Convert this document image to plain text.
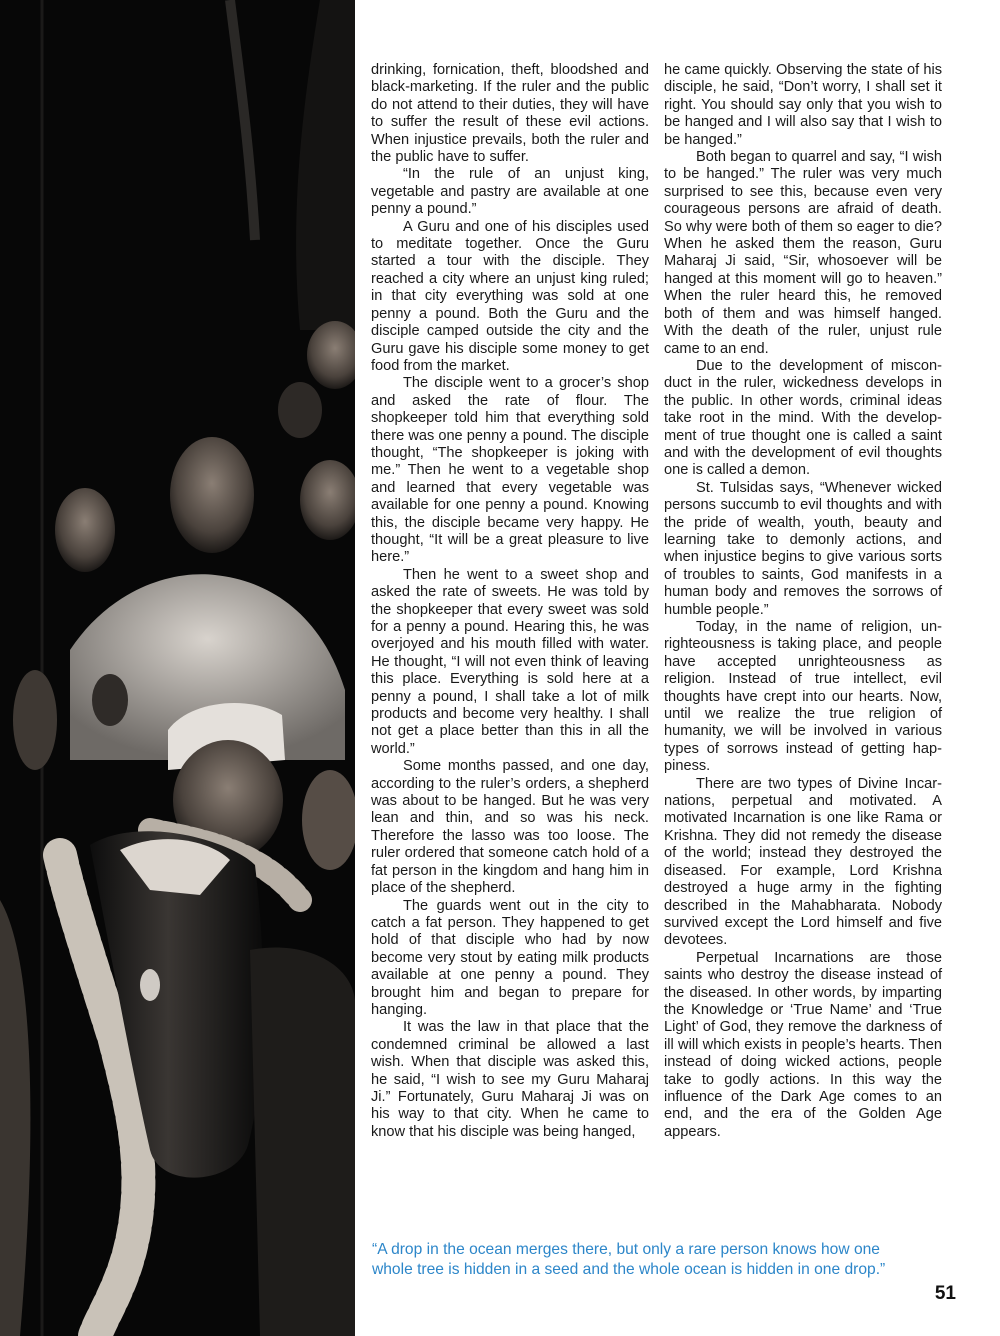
drinking, fornication, theft, bloodshed and black-marketing. If the ruler and the public do not attend to their duties, they will have to suffer the result of these evil actions. When injustice prevails, both the ruler and the public have to suffer.

“In the rule of an unjust king, vegetable and pastry are available at one penny a pound.”

A Guru and one of his disciples used to meditate together. Once the Guru started a tour with the disciple. They reached a city where an unjust king ruled; in that city everything was sold at one penny a pound. Both the Guru and the disciple camped outside the city and the Guru gave his disciple some money to get food from the market.

The disciple went to a grocer’s shop and asked the rate of flour. The shopkeeper told him that everything sold there was one penny a pound. The disciple thought, “The shopkeeper is joking with me.” Then he went to a vegetable shop and learned that every vegetable was available for one penny a pound. Knowing this, the disciple became very happy. He thought, “It will be a great pleasure to live here.”

Then he went to a sweet shop and asked the rate of sweets. He was told by the shopkeeper that every sweet was sold for a penny a pound. Hearing this, he was overjoyed and his mouth filled with water. He thought, “I will not even think of leaving this place. Everything is sold here at a penny a pound, I shall take a lot of milk products and become very healthy. I shall not get a place better than this in all the world.”

Some months passed, and one day, according to the ruler’s orders, a shepherd was about to be hanged. But he was very lean and thin, and so was his neck. Therefore the lasso was too loose. The ruler ordered that someone catch hold of a fat person in the kingdom and hang him in place of the shepherd.

The guards went out in the city to catch a fat person. They happened to get hold of that disciple who had by now become very stout by eating milk products available at one penny a pound. They brought him and began to prepare for hanging.

It was the law in that place that the condemned criminal be allowed a last wish. When that disciple was asked this, he said, “I wish to see my Guru Maharaj Ji.” Fortunately, Guru Maharaj Ji was on his way to that city. When he came to know that his disciple was being hanged,

he came quickly. Observing the state of his disciple, he said, “Don’t worry, I shall set it right. You should say only that you wish to be hanged and I will also say that I wish to be hanged.”

Both began to quarrel and say, “I wish to be hanged.” The ruler was very much surprised to see this, because even very courageous persons are afraid of death. So why were both of them so eager to die? When he asked them the reason, Guru Maharaj Ji said, “Sir, whosoever will be hanged at this moment will go to heaven.” When the ruler heard this, he removed both of them and was himself hanged. With the death of the ruler, unjust rule came to an end.

Due to the development of misconduct in the ruler, wickedness develops in the public. In other words, criminal ideas take root in the mind. With the development of true thought one is called a saint and with the development of evil thoughts one is called a demon.

St. Tulsidas says, “Whenever wicked persons succumb to evil thoughts and with the pride of wealth, youth, beauty and learning take to demonly actions, and when injustice begins to give various sorts of troubles to saints, God manifests in a human body and removes the sorrows of humble people.”

Today, in the name of religion, unrighteousness is taking place, and people have accepted unrighteousness as religion. Instead of true intellect, evil thoughts have crept into our hearts. Now, until we realize the true religion of humanity, we will be involved in various types of sorrows instead of getting happiness.

There are two types of Divine Incarnations, perpetual and motivated. A motivated Incarnation is one like Rama or Krishna. They did not remedy the disease of the world; instead they destroyed the diseased. For example, Lord Krishna destroyed a huge army in the fighting described in the Mahabharata. Nobody survived except the Lord himself and five devotees.

Perpetual Incarnations are those saints who destroy the disease instead of the diseased. In other words, by imparting the Knowledge or ‘True Name’ and ‘True Light’ of God, they remove the darkness of ill will which exists in people’s hearts. Then instead of doing wicked actions, people take to godly actions. In this way the influence of the Dark Age comes to an end, and the era of the Golden Age appears.

“A drop in the ocean merges there, but only a rare person knows how one
whole tree is hidden in a seed and the whole ocean is hidden in one drop.”
51
